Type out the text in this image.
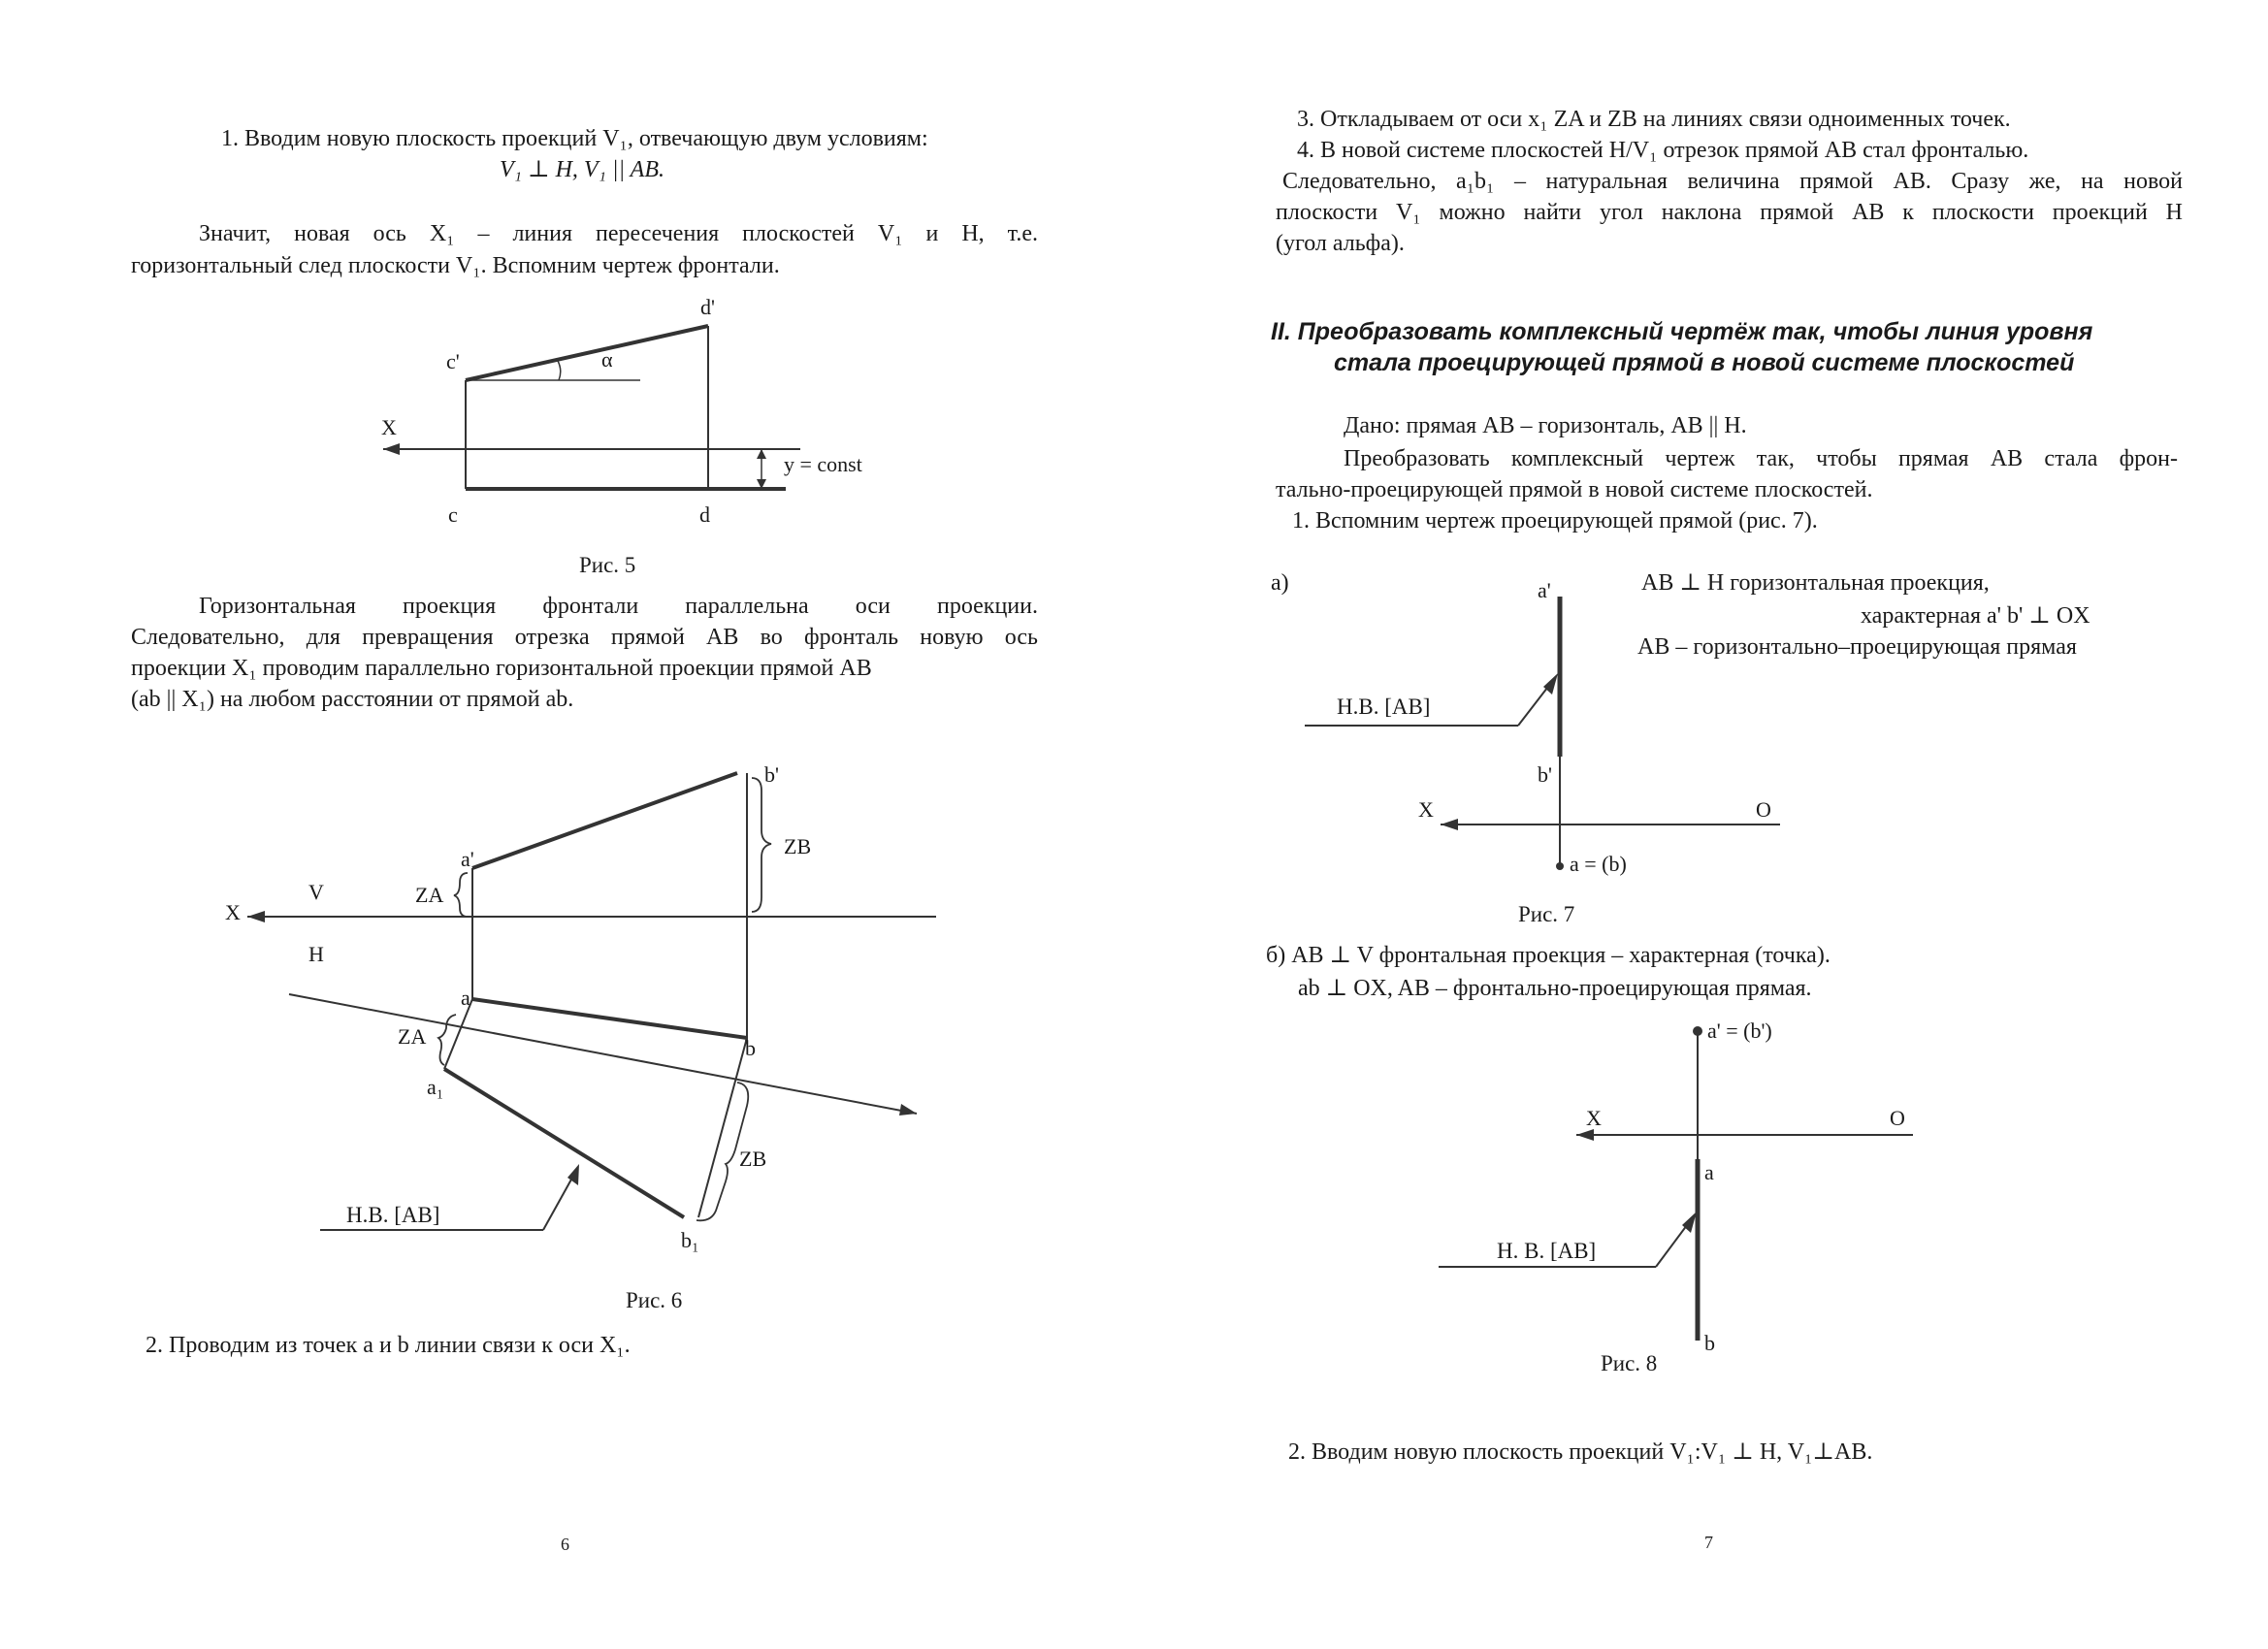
1. Вводим новую плоскость проекций V₁, отвечающую двум условиям:
V₁ ⊥ H, V₁ || AB.
Значит, новая ось X₁ – линия пересечения плоскостей V₁ и H, т.е.
горизонтальный след плоскости V₁. Вспомним чертеж фронтали.
d'
c'	α
X
y = const
c	d
Рис. 5
Горизонтальная проекция фронтали параллельна оси проекции.
Следовательно, для превращения отрезка прямой AB во фронталь новую ось
проекции X₁ проводим параллельно горизонтальной проекции прямой AB
(ab || X₁) на любом расстоянии от прямой ab.
b'
ZB
a'
ZA
X
V
H
a
b
ZA
a₁
ZB
Н.В. [AB]
b₁
Рис. 6
2. Проводим из точек a и b линии связи к оси X₁.
6
3. Откладываем от оси x₁ ZA и ZB на линиях связи одноименных точек.
4. В новой системе плоскостей H/V₁ отрезок прямой AB стал фронталью.
Следовательно, a₁b₁ – натуральная величина прямой AB. Сразу же, на новой
плоскости V₁ можно найти угол наклона прямой AB к плоскости проекций H
(угол альфа).
II. Преобразовать комплексный чертёж так, чтобы линия уровня
стала проецирующей прямой в новой системе плоскостей
Дано: прямая AB – горизонталь, AB || H.
Преобразовать комплексный чертеж так, чтобы прямая AB стала фрон-
тально-проецирующей прямой в новой системе плоскостей.
1. Вспомним чертеж проецирующей прямой (рис. 7).
а)	a'	AB ⊥ H горизонтальная проекция,
характерная a' b' ⊥ OX
AB – горизонтально–проецирующая прямая
Н.В. [AB]
b'
X	O
a = (b)
Рис. 7
б) AB ⊥ V фронтальная проекция – характерная (точка).
ab ⊥ OX, AB – фронтально-проецирующая прямая.
a' = (b')
X	O
a
Н. В. [AB]
b
Рис. 8
2. Вводим новую плоскость проекций V₁:V₁ ⊥ H, V₁⊥AB.
7
